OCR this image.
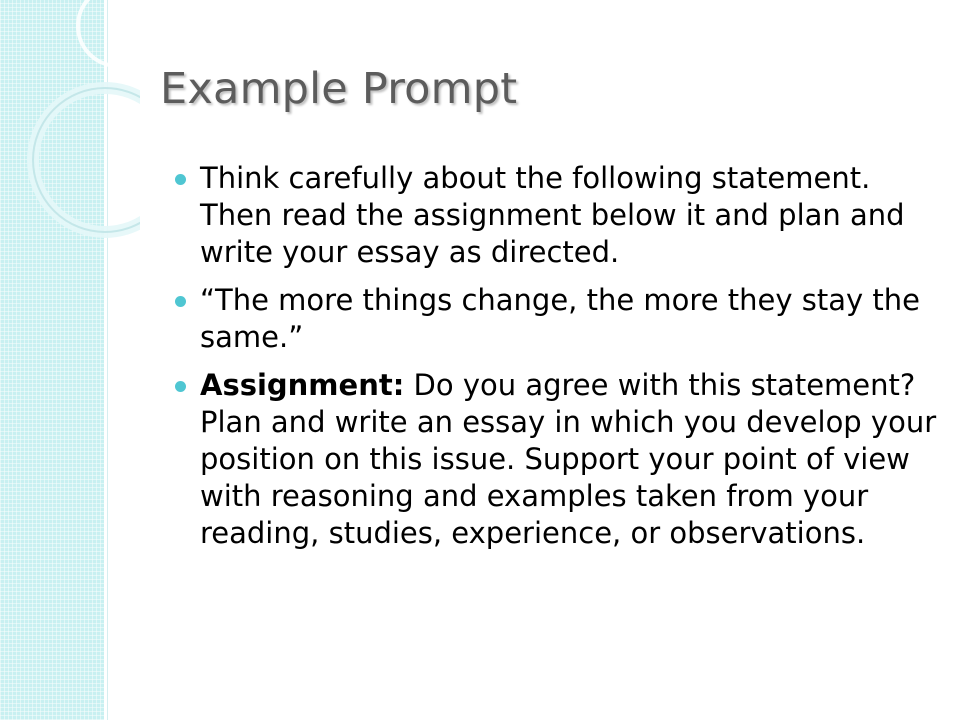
Example Prompt
Think carefully about the following statement. Then read the assignment below it and plan and write your essay as directed.
“The more things change, the more they stay the same.”
Assignment: Do you agree with this statement? Plan and write an essay in which you develop your position on this issue. Support your point of view with reasoning and examples taken from your reading, studies, experience, or observations.
